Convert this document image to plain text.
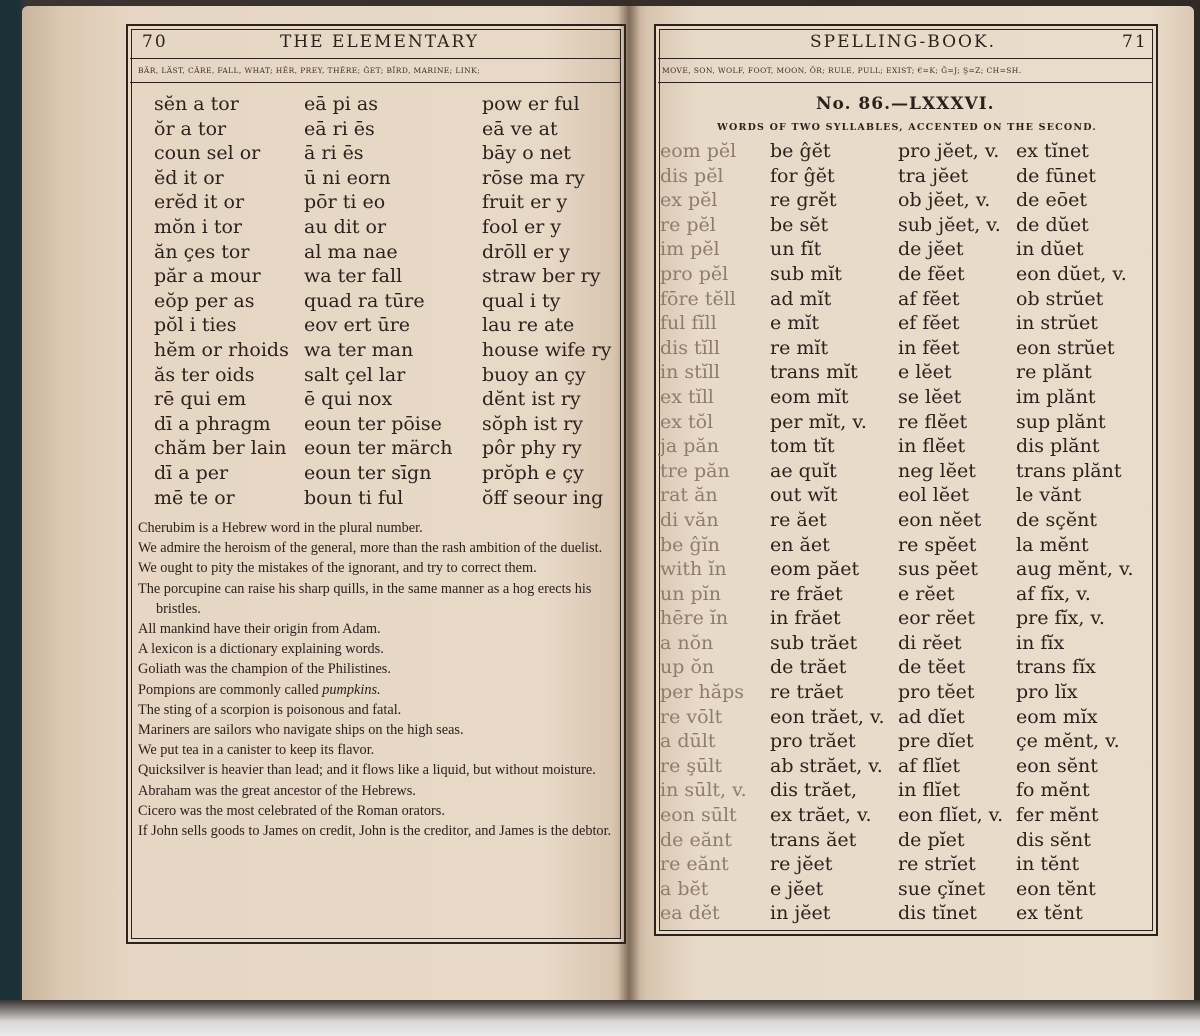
70	THE ELEMENTARY
BÄR, LÄST, CÂRE, FALL, WHAT; HÊR, PREY, THÊRE; ĜET; BÎRD, MARINE; LINK;
sĕn a tor
ŏr a tor
coun sel or
ĕd it or
erĕd it or
mŏn i tor
ăn çes tor
păr a mour
eŏp per as
pŏl i ties
hĕm or rhoids
ăs ter oids
rē qui em
dī a phragm
chăm ber lain
dī a per
mē te or
eā pi as
eā ri ēs
ā ri ēs
ū ni eorn
pōr ti eo
au dit or
al ma nae
wa ter fall
quad ra tūre
eov ert ūre
wa ter man
salt çel lar
ē qui nox
eoun ter pōise
eoun ter märch
eoun ter sīgn
boun ti ful
pow er ful
eā ve at
bāy o net
rōse ma ry
fruit er y
fool er y
drōll er y
straw ber ry
qual i ty
lau re ate
house wife ry
buoy an çy
dĕnt ist ry
sŏph ist ry
pôr phy ry
prŏph e çy
ŏff seour ing

Cherubim is a Hebrew word in the plural number.

We admire the heroism of the general, more than the rash ambition of the duelist.

We ought to pity the mistakes of the ignorant, and try to correct them.

The porcupine can raise his sharp quills, in the same manner as a hog erects his bristles.

All mankind have their origin from Adam.

A lexicon is a dictionary explaining words.

Goliath was the champion of the Philistines.

Pompions are commonly called pumpkins.

The sting of a scorpion is poisonous and fatal.

Mariners are sailors who navigate ships on the high seas.

We put tea in a canister to keep its flavor.

Quicksilver is heavier than lead; and it flows like a liquid, but without moisture.

Abraham was the great ancestor of the Hebrews.

Cicero was the most celebrated of the Roman orators.

If John sells goods to James on credit, John is the creditor, and James is the debtor.

SPELLING-BOOK.	71
MOVE, SON, WOLF, FOOT, MOON, ÔR; RULE, PULL; EXIST; €=K; Ĝ=J; Ş=Z; CH=SH.
No. 86.—LXXXVI.
WORDS OF TWO SYLLABLES, ACCENTED ON THE SECOND.
eom pĕl
dis pĕl
ex pĕl
re pĕl
im pĕl
pro pĕl
fōre tĕll
ful fĭll
dis tĭll
in stĭll
ex tĭll
ex tŏl
ja păn
tre păn
rat ăn
di văn
be ĝĭn
with ĭn
un pĭn
hēre ĭn
a nŏn
up ŏn
per hăps
re vōlt
a dūlt
re şūlt
in sūlt, v.
eon sūlt
de eănt
re eănt
a bĕt
ea dĕt
be ĝĕt
for ĝĕt
re grĕt
be sĕt
un fĭt
sub mĭt
ad mĭt
e mĭt
re mĭt
trans mĭt
eom mĭt
per mĭt, v.
tom tĭt
ae quĭt
out wĭt
re ăet
en ăet
eom păet
re frăet
in frăet
sub trăet
de trăet
re trăet
eon trăet, v.
pro trăet
ab străet, v.
dis trăet,
ex trăet, v.
trans ăet
re jĕet
e jĕet
in jĕet
pro jĕet, v.
tra jĕet
ob jĕet, v.
sub jĕet, v.
de jĕet
de fĕet
af fĕet
ef fĕet
in fĕet
e lĕet
se lĕet
re flĕet
in flĕet
neg lĕet
eol lĕet
eon nĕet
re spĕet
sus pĕet
e rĕet
eor rĕet
di rĕet
de tĕet
pro tĕet
ad dĭet
pre dĭet
af flĭet
in flĭet
eon flĭet, v.
de pĭet
re strĭet
sue çĭnet
dis tĭnet
ex tĭnet
de fūnet
de eōet
de dŭet
in dŭet
eon dŭet, v.
ob strŭet
in strŭet
eon strŭet
re plănt
im plănt
sup plănt
dis plănt
trans plănt
le vănt
de sçĕnt
la mĕnt
aug mĕnt, v.
af fĭx, v.
pre fĭx, v.
in fĭx
trans fĭx
pro lĭx
eom mĭx
çe mĕnt, v.
eon sĕnt
fo mĕnt
fer mĕnt
dis sĕnt
in tĕnt
eon tĕnt
ex tĕnt
